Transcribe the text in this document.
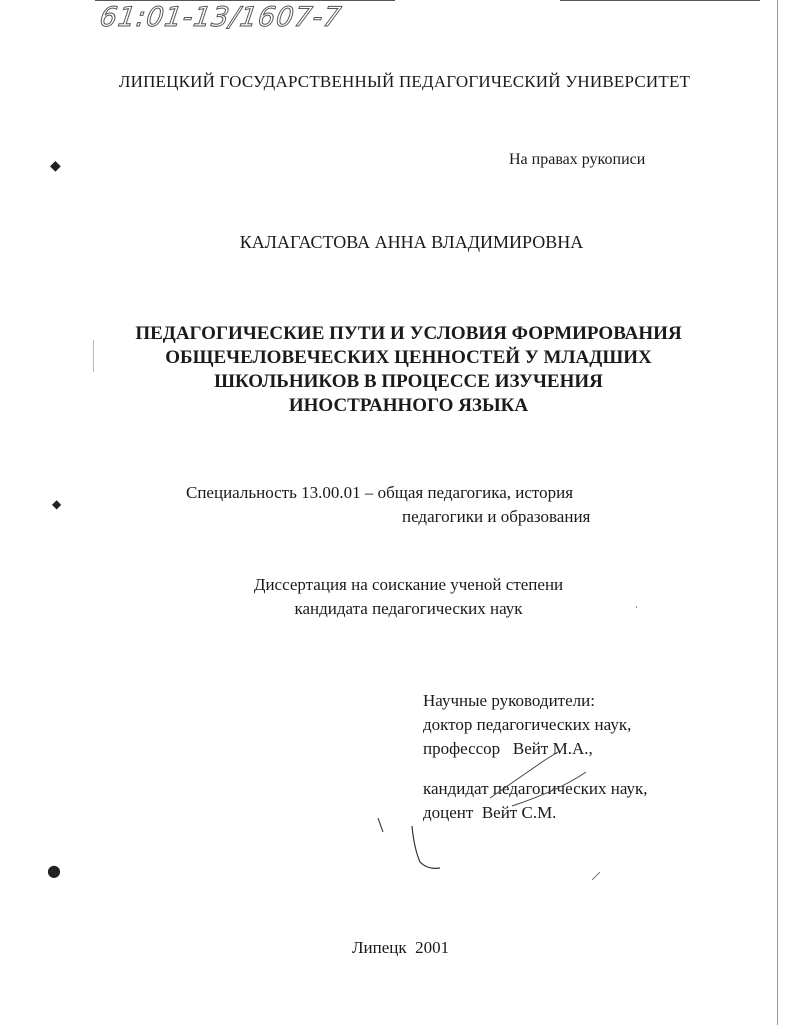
61:01-13/1607-7
◆
◆
●
ЛИПЕЦКИЙ ГОСУДАРСТВЕННЫЙ ПЕДАГОГИЧЕСКИЙ УНИВЕРСИТЕТ
На правах рукописи
КАЛАГАСТОВА АННА ВЛАДИМИРОВНА
ПЕДАГОГИЧЕСКИЕ ПУТИ И УСЛОВИЯ ФОРМИРОВАНИЯ
ОБЩЕЧЕЛОВЕЧЕСКИХ ЦЕННОСТЕЙ У МЛАДШИХ
ШКОЛЬНИКОВ В ПРОЦЕССЕ ИЗУЧЕНИЯ
ИНОСТРАННОГО ЯЗЫКА
Специальность 13.00.01 – общая педагогика, история
педагогики и образования
Диссертация на соискание ученой степени
кандидата педагогических наук
Научные руководители:
доктор педагогических наук,
профессор   Вейт М.А.,
кандидат педагогических наук,
доцент  Вейт С.М.
Липецк  2001
